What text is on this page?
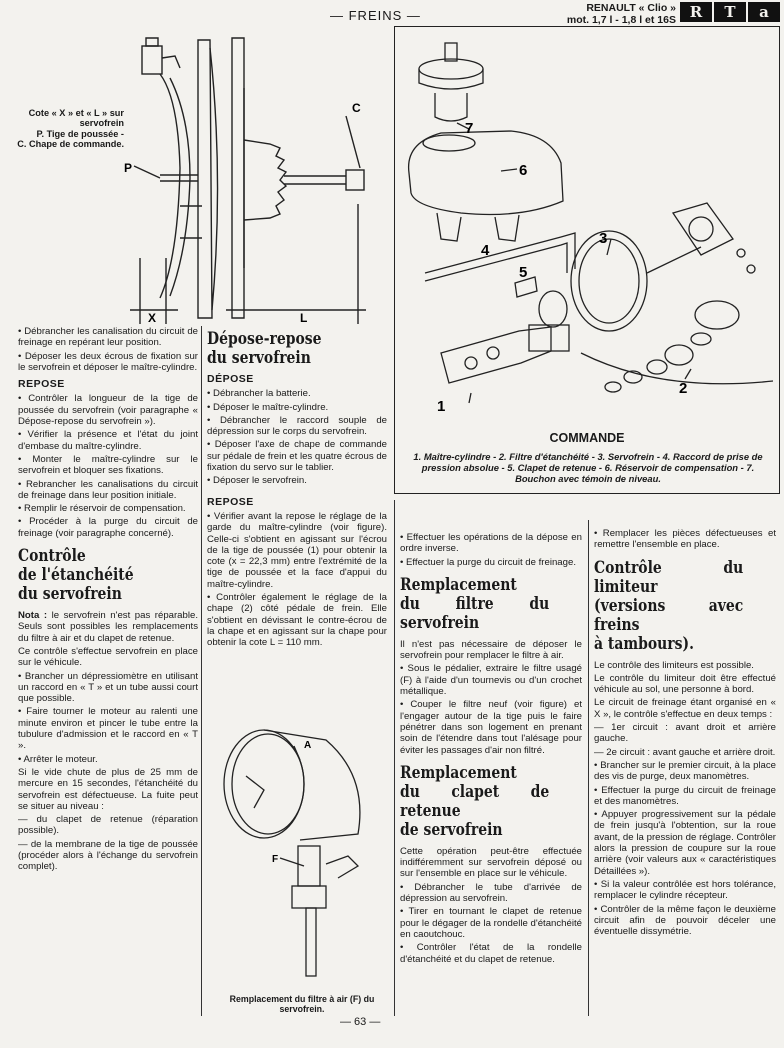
— FREINS —	RENAULT « Clio »
mot. 1,7 l - 1,8 l et 16S R	T	a
Cote « X » et « L » sur
servofrein
P. Tige de poussée -
C. Chape de commande.
C
P
X	L
7
6
3
4
5
1
2
COMMANDE
1. Maître-cylindre - 2. Filtre d'étanchéité - 3. Servofrein - 4. Raccord de prise de pression absolue - 5. Clapet de retenue - 6. Réservoir de compensation - 7. Bouchon avec témoin de niveau.

• Débrancher les canalisation du circuit de freinage en repérant leur position.

• Déposer les deux écrous de fixation sur le servofrein et déposer le maître-cylindre.

REPOSE

• Contrôler la longueur de la tige de poussée du servofrein (voir paragraphe « Dépose-repose du servofrein »).

• Vérifier la présence et l'état du joint d'embase du maître-cylindre.

• Monter le maître-cylindre sur le servofrein et bloquer ses fixations.

• Rebrancher les canalisations du circuit de freinage dans leur position initiale.

• Remplir le réservoir de compensation.

• Procéder à la purge du circuit de freinage (voir paragraphe concerné).

Contrôle
de l'étanchéité
du servofrein

Nota : le servofrein n'est pas réparable. Seuls sont possibles les remplacements du filtre à air et du clapet de retenue.

Ce contrôle s'effectue servofrein en place sur le véhicule.

• Brancher un dépressiomètre en utilisant un raccord en « T » et un tube aussi court que possible.

• Faire tourner le moteur au ralenti une minute environ et pincer le tube entre la tubulure d'admission et le raccord en « T ».

• Arrêter le moteur.

Si le vide chute de plus de 25 mm de mercure en 15 secondes, l'étanchéité du servofrein est défectueuse. La fuite peut se situer au niveau :

— du clapet de retenue (réparation possible).

— de la membrane de la tige de poussée (procéder alors à l'échange du servofrein complet).

Dépose-repose
du servofrein
DÉPOSE

• Débrancher la batterie.

• Déposer le maître-cylindre.

• Débrancher le raccord souple de dépression sur le corps du servofrein.

• Déposer l'axe de chape de commande sur pédale de frein et les quatre écrous de fixation du servo sur le tablier.

• Déposer le servofrein.

REPOSE

• Vérifier avant la repose le réglage de la garde du maître-cylindre (voir figure). Celle-ci s'obtient en agissant sur l'écrou de la tige de poussée (1) pour obtenir la cote (x = 22,3 mm) entre l'extrémité de la tige de poussée et la face d'appui du maître-cylindre.

• Contrôler également le réglage de la chape (2) côté pédale de frein. Elle s'obtient en dévissant le contre-écrou de la chape et en agissant sur la chape pour obtenir la cote L = 110 mm.

A
F
Remplacement du filtre à air (F) du servofrein.

• Effectuer les opérations de la dépose en ordre inverse.

• Effectuer la purge du circuit de freinage.

Remplacement
du filtre du servofrein

Il n'est pas nécessaire de déposer le servofrein pour remplacer le filtre à air.

• Sous le pédalier, extraire le filtre usagé (F) à l'aide d'un tournevis ou d'un crochet métallique.

• Couper le filtre neuf (voir figure) et l'engager autour de la tige puis le faire pénétrer dans son logement en prenant soin de l'étendre dans tout l'alésage pour éviter les passages d'air non filtré.

Remplacement
du clapet de retenue
de servofrein

Cette opération peut-être effectuée indifféremment sur servofrein déposé ou sur l'ensemble en place sur le véhicule.

• Débrancher le tube d'arrivée de dépression au servofrein.

• Tirer en tournant le clapet de retenue pour le dégager de la rondelle d'étanchéité en caoutchouc.

• Contrôler l'état de la rondelle d'étanchéité et du clapet de retenue.

• Remplacer les pièces défectueuses et remettre l'ensemble en place.

Contrôle du limiteur
(versions avec freins
à tambours).

Le contrôle des limiteurs est possible.

Le contrôle du limiteur doit être effectué véhicule au sol, une personne à bord.

Le circuit de freinage étant organisé en « X », le contrôle s'effectue en deux temps :

— 1er circuit : avant droit et arrière gauche.

— 2e circuit : avant gauche et arrière droit.

• Brancher sur le premier circuit, à la place des vis de purge, deux manomètres.

• Effectuer la purge du circuit de freinage et des manomètres.

• Appuyer progressivement sur la pédale de frein jusqu'à l'obtention, sur la roue avant, de la pression de réglage. Contrôler alors la pression de coupure sur la roue arrière (voir valeurs aux « caractéristiques Détaillées »).

• Si la valeur contrôlée est hors tolérance, remplacer le cylindre récepteur.

• Contrôler de la même façon le deuxième circuit afin de pouvoir déceler une éventuelle dissymétrie.

— 63 —
